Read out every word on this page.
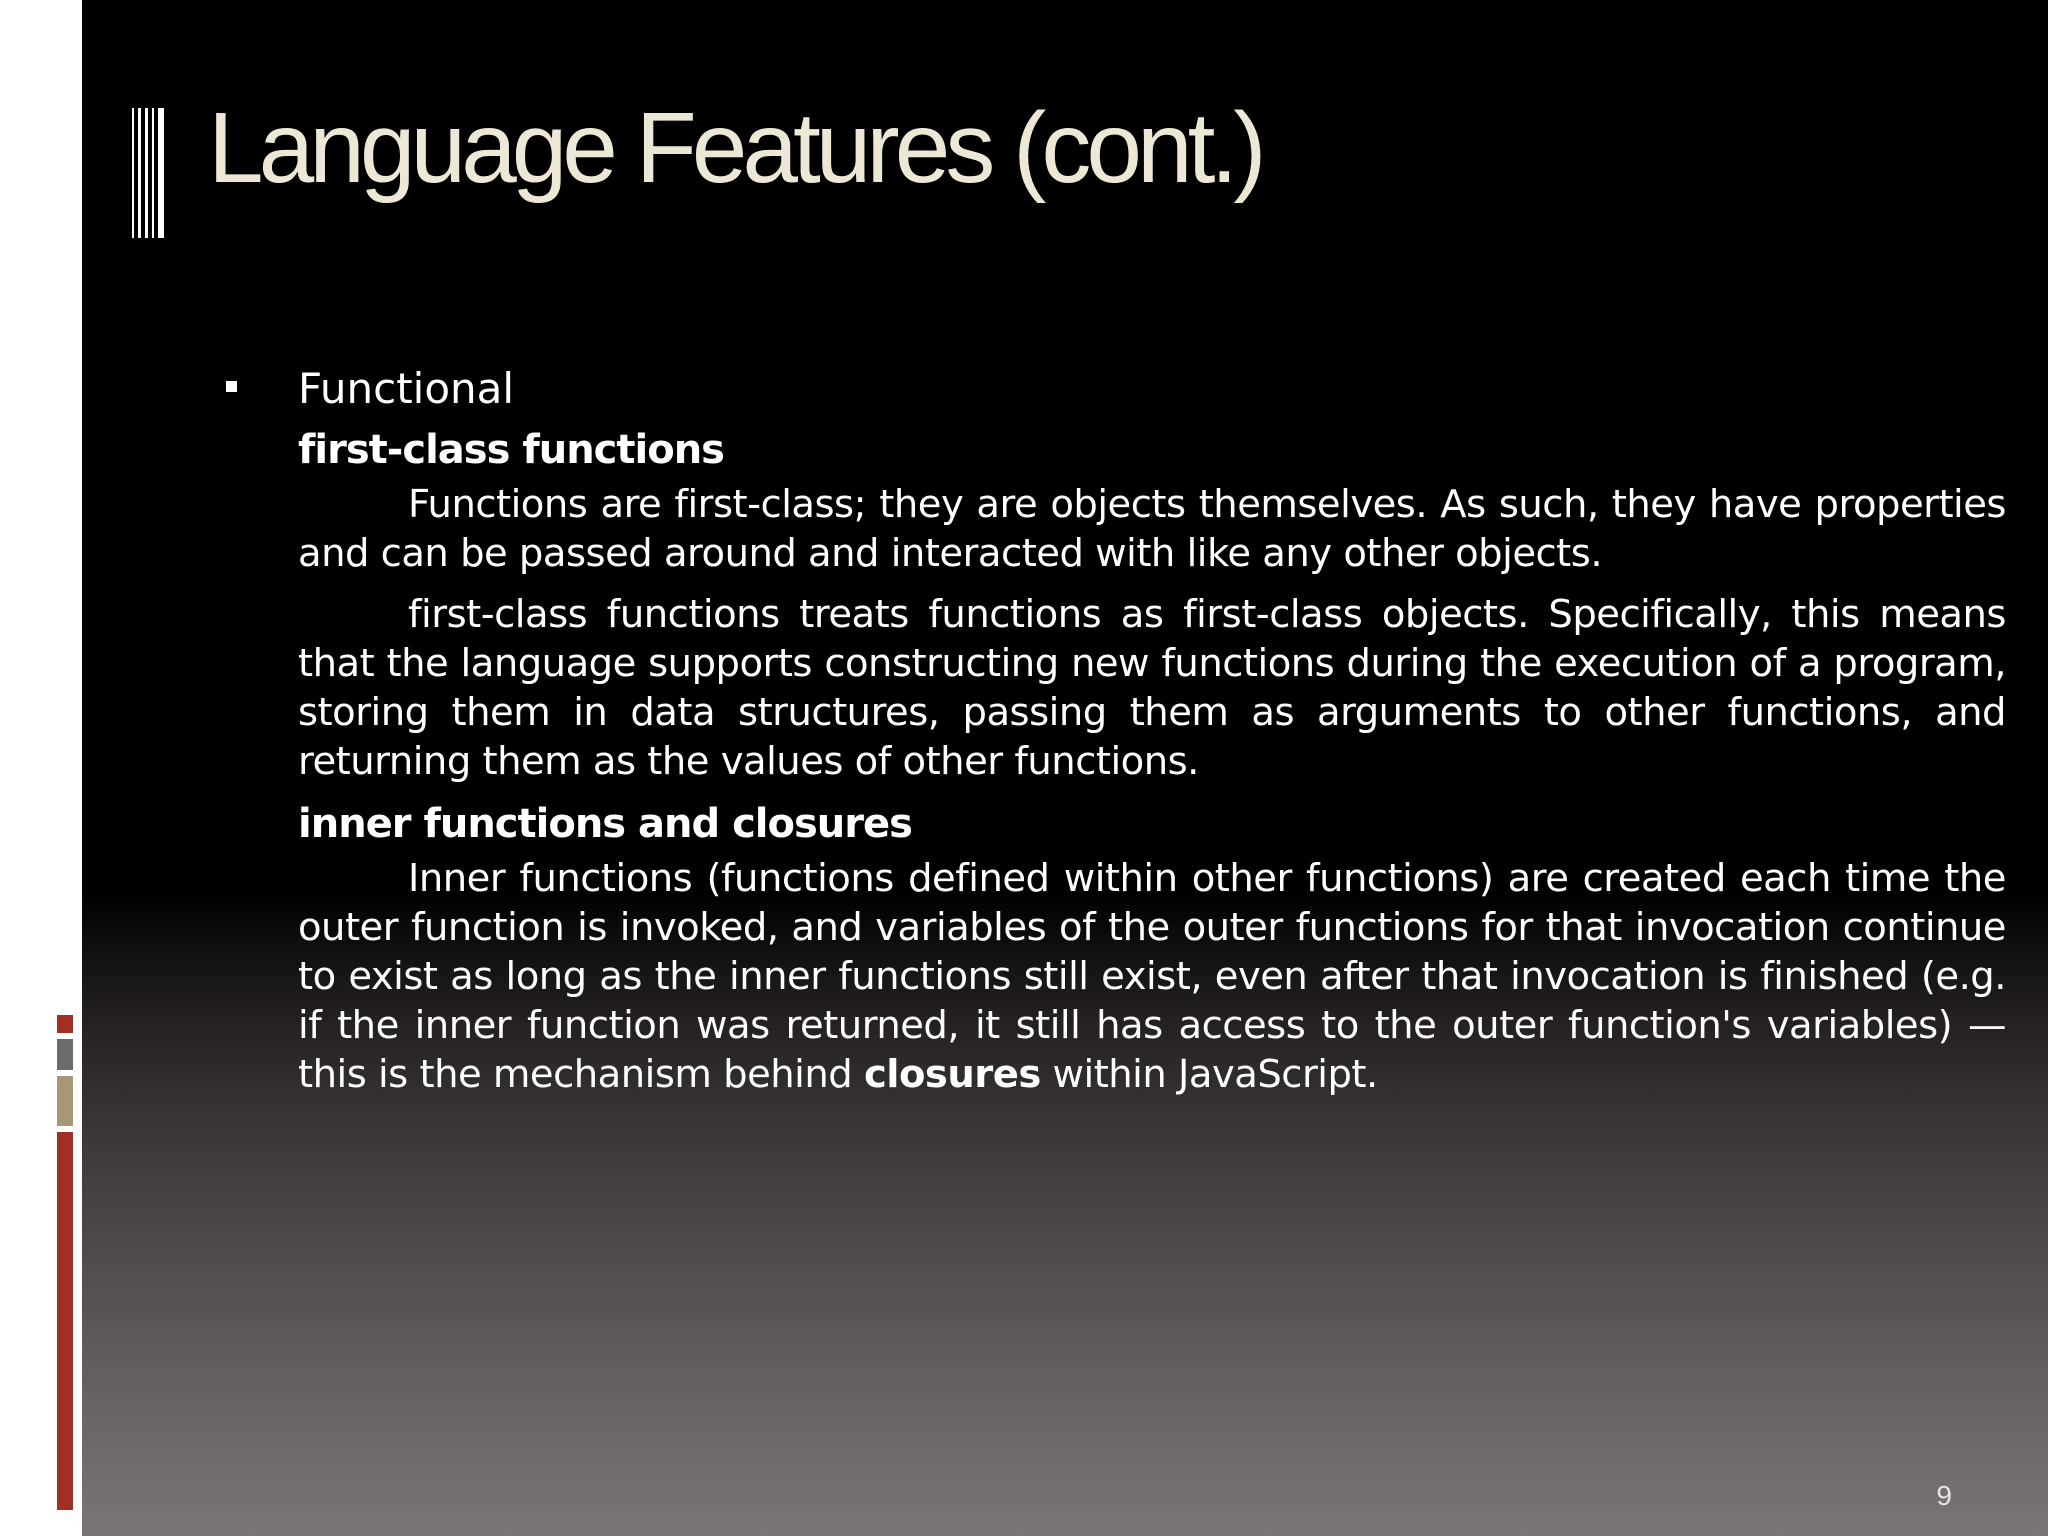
Language Features (cont.)

Functional

first-class functions

Functions are first-class; they are objects themselves. As such, they have properties and can be passed around and interacted with like any other objects.

first-class functions treats functions as first-class objects. Specifically, this means that the language supports constructing new functions during the execution of a program, storing them in data structures, passing them as arguments to other functions, and returning them as the values of other functions.

inner functions and closures

Inner functions (functions defined within other functions) are created each time the outer function is invoked, and variables of the outer functions for that invocation continue to exist as long as the inner functions still exist, even after that invocation is finished (e.g. if the inner function was returned, it still has access to the outer function's variables) — this is the mechanism behind closures within JavaScript.

9
